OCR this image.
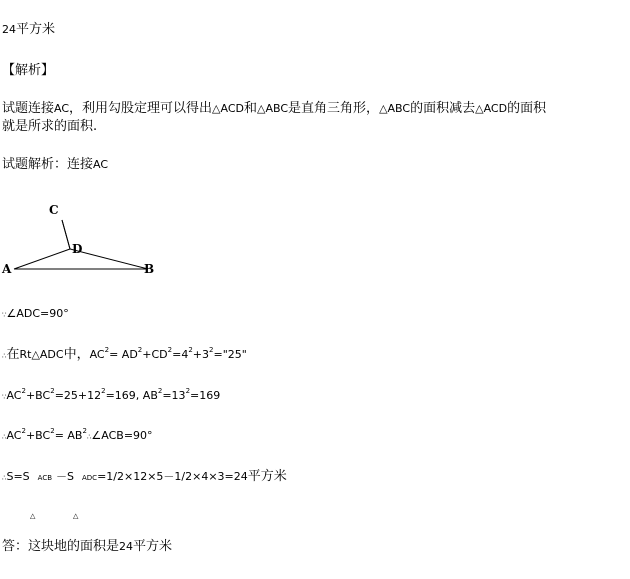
24平方米
【解析】
试题连接AC，利用勾股定理可以得出△ACD和△ABC是直角三角形，△ABC的面积减去△ACD的面积
就是所求的面积.
试题解析：连接AC
A	B
C
D
∵∠ADC=90°
∴在Rt△ADC中，$AC^2=$ $AD^2+CD^2=4^2+3^2="25$"
$\because AC^2+BC^2=25+12^2=169$, $AB^2=13^2=169$
$\therefore AC^2+BC^2=$ $AB^2\therefore\angle ACB=90^\circ$
∴S=S ACB －S ADC=1/2×12×5－1/2×4×3=24平方米
△	△
答：这块地的面积是24平方米
